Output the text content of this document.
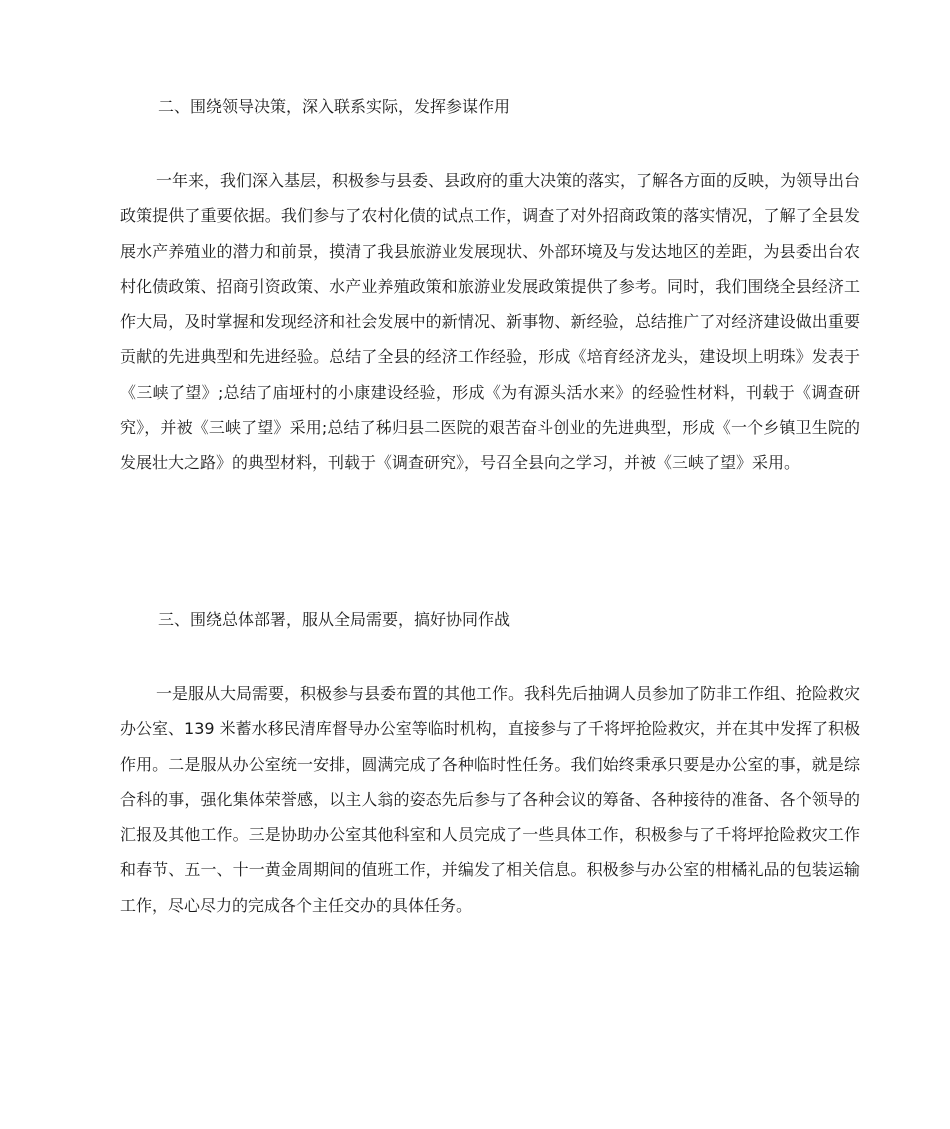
二、围绕领导决策，深入联系实际，发挥参谋作用
一年来，我们深入基层，积极参与县委、县政府的重大决策的落实，了解各方面的反映，为领导出台政策提供了重要依据。我们参与了农村化债的试点工作，调查了对外招商政策的落实情况，了解了全县发展水产养殖业的潜力和前景，摸清了我县旅游业发展现状、外部环境及与发达地区的差距，为县委出台农村化债政策、招商引资政策、水产业养殖政策和旅游业发展政策提供了参考。同时，我们围绕全县经济工作大局，及时掌握和发现经济和社会发展中的新情况、新事物、新经验，总结推广了对经济建设做出重要贡献的先进典型和先进经验。总结了全县的经济工作经验，形成《培育经济龙头，建设坝上明珠》发表于《三峡了望》;总结了庙垭村的小康建设经验，形成《为有源头活水来》的经验性材料，刊载于《调查研究》，并被《三峡了望》采用;总结了秭归县二医院的艰苦奋斗创业的先进典型，形成《一个乡镇卫生院的发展壮大之路》的典型材料，刊载于《调查研究》，号召全县向之学习，并被《三峡了望》采用。
三、围绕总体部署，服从全局需要，搞好协同作战
一是服从大局需要，积极参与县委布置的其他工作。我科先后抽调人员参加了防非工作组、抢险救灾办公室、139 米蓄水移民清库督导办公室等临时机构，直接参与了千将坪抢险救灾，并在其中发挥了积极作用。二是服从办公室统一安排，圆满完成了各种临时性任务。我们始终秉承只要是办公室的事，就是综合科的事，强化集体荣誉感，以主人翁的姿态先后参与了各种会议的筹备、各种接待的准备、各个领导的汇报及其他工作。三是协助办公室其他科室和人员完成了一些具体工作，积极参与了千将坪抢险救灾工作和春节、五一、十一黄金周期间的值班工作，并编发了相关信息。积极参与办公室的柑橘礼品的包装运输工作，尽心尽力的完成各个主任交办的具体任务。
